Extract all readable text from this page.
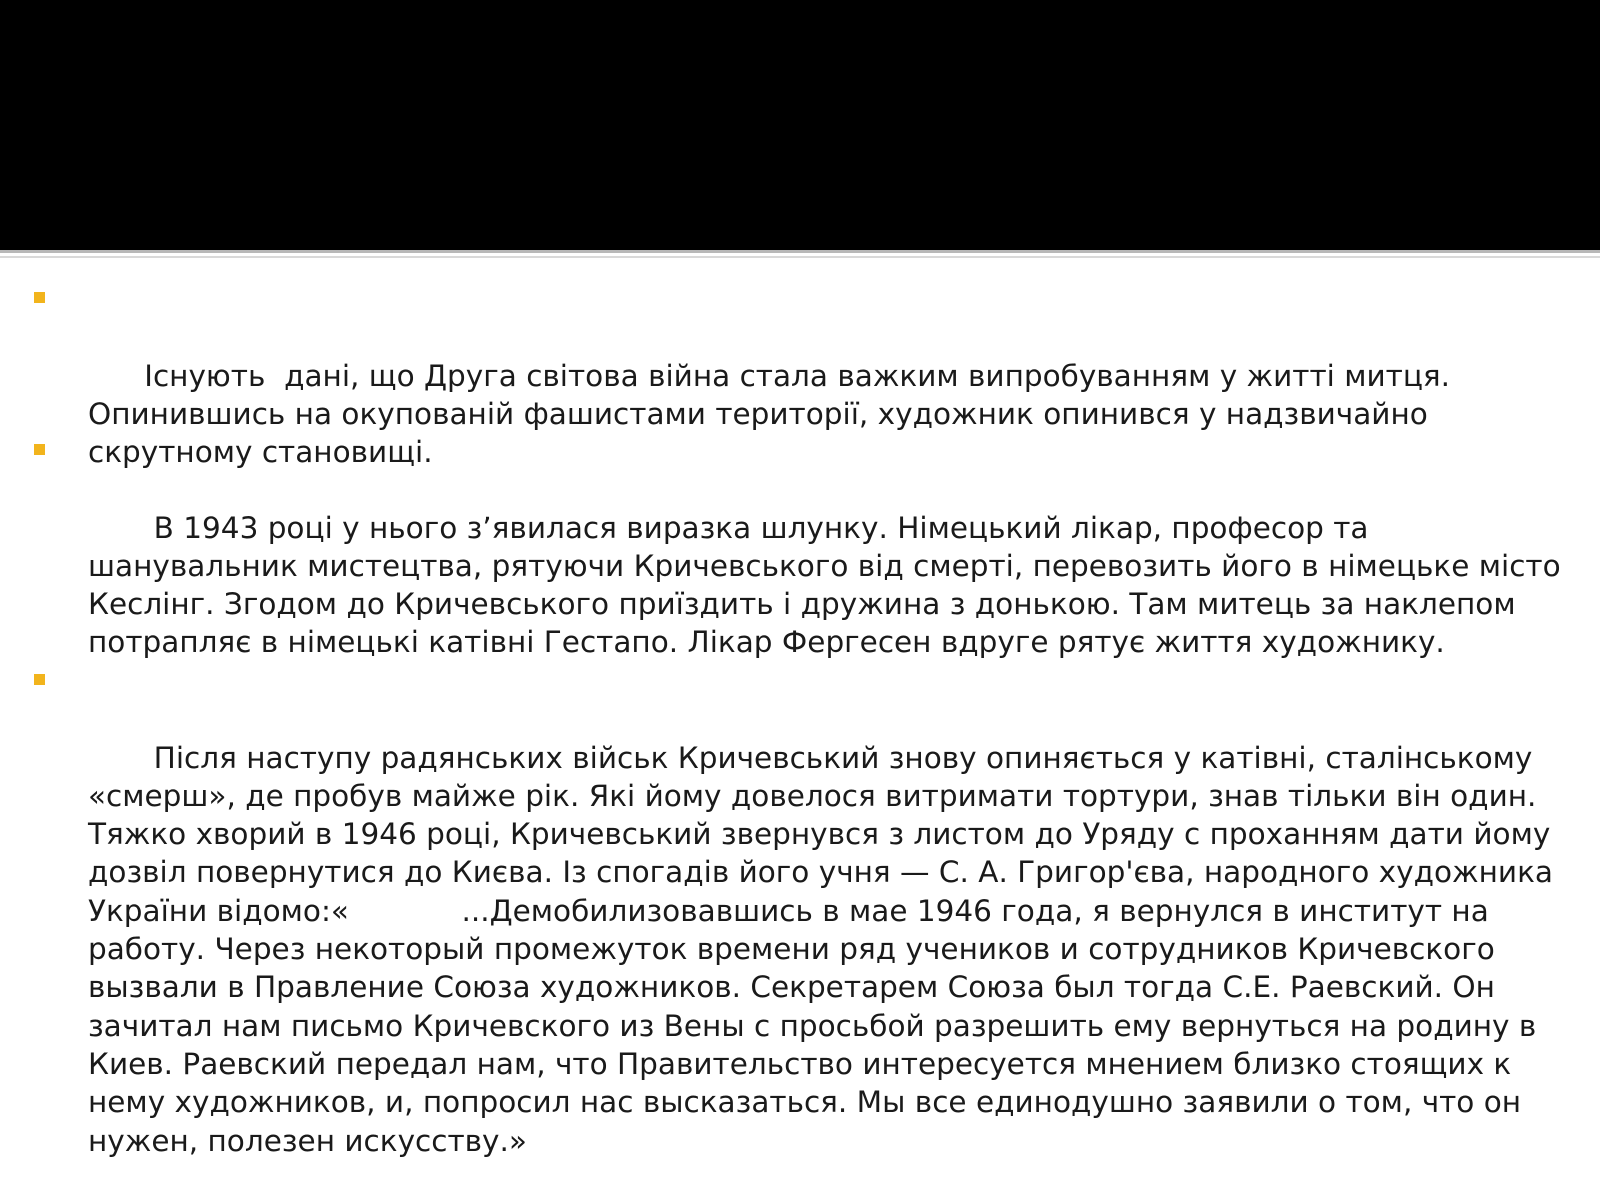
Існують  дані, що Друга світова війна стала важким випробуванням у житті митця. Опинившись на окупованій фашистами території, художник опинився у надзвичайно скрутному становищі.

В 1943 році у нього з’явилася виразка шлунку. Німецький лікар, професор та шанувальник мистецтва, рятуючи Кричевського від смерті, перевозить його в німецьке місто Кеслінг. Згодом до Кричевського приїздить і дружина з донькою. Там митець за наклепом потрапляє в німецькі катівні Гестапо. Лікар Фергесен вдруге рятує життя художнику.

Після наступу радянських військ Кричевський знову опиняється у катівні, сталінському «смерш», де пробув майже рік. Які йому довелося витримати тортури, знав тільки він один. Тяжко хворий в 1946 році, Кричевський звернувся з листом до Уряду с проханням дати йому дозвіл повернутися до Києва. Із спогадів його учня — С. А. Григор'єва, народного художника України відомо:«            ...Демобилизовавшись в мае 1946 года, я вернулся в институт на работу. Через некоторый промежуток времени ряд учеников и сотрудников Кричевского вызвали в Правление Союза художников. Секретарем Союза был тогда С.Е. Раевский. Он зачитал нам письмо Кричевского из Вены с просьбой разрешить ему вернуться на родину в Киев. Раевский передал нам, что Правительство интересуется мнением близко стоящих к нему художников, и, попросил нас высказаться. Мы все единодушно заявили о том, что он нужен, полезен искусству.»
